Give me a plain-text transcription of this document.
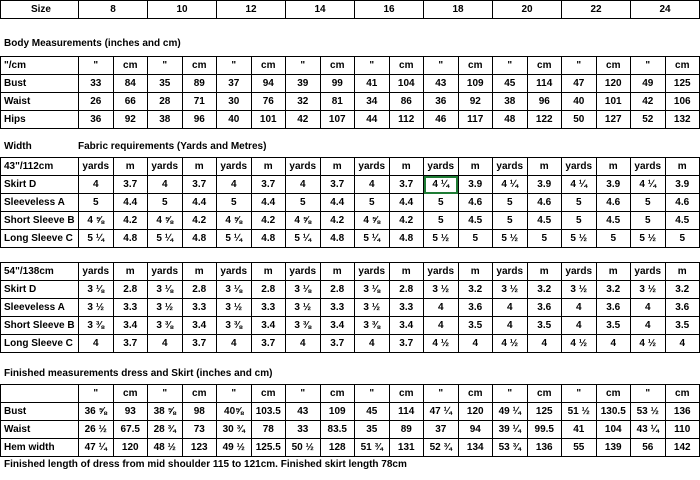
Size	8	10	12	14	16	18	20	22	24
Body Measurements (inches and cm)
"/cm	"	cm	"	cm	"	cm	"	cm	"	cm	"	cm	"	cm	"	cm	"	cm
Bust	33	84	35	89	37	94	39	99	41	104	43	109	45	114	47	120	49	125
Waist	26	66	28	71	30	76	32	81	34	86	36	92	38	96	40	101	42	106
Hips	36	92	38	96	40	101	42	107	44	112	46	117	48	122	50	127	52	132
Width	Fabric requirements (Yards and Metres)
43"/112cm	yards	m	yards	m	yards	m	yards	m	yards	m	yards	m	yards	m	yards	m	yards	m
Skirt D	4	3.7	4	3.7	4	3.7	4	3.7	4	3.7	4 ¼	3.9	4 ¼	3.9	4 ¼	3.9	4 ¼	3.9
Sleeveless A	5	4.4	5	4.4	5	4.4	5	4.4	5	4.4	5	4.6	5	4.6	5	4.6	5	4.6
Short Sleeve B	4 ⅝	4.2	4 ⅝	4.2	4 ⅝	4.2	4 ⅝	4.2	4 ⅝	4.2	5	4.5	5	4.5	5	4.5	5	4.5
Long Sleeve C	5 ¼	4.8	5 ¼	4.8	5 ¼	4.8	5 ¼	4.8	5 ¼	4.8	5 ½	5	5 ½	5	5 ½	5	5 ½	5
54"/138cm	yards	m	yards	m	yards	m	yards	m	yards	m	yards	m	yards	m	yards	m	yards	m
Skirt D	3 ⅛	2.8	3 ⅛	2.8	3 ⅛	2.8	3 ⅛	2.8	3 ⅛	2.8	3 ½	3.2	3 ½	3.2	3 ½	3.2	3 ½	3.2
Sleeveless A	3 ½	3.3	3 ½	3.3	3 ½	3.3	3 ½	3.3	3 ½	3.3	4	3.6	4	3.6	4	3.6	4	3.6
Short Sleeve B	3 ⅜	3.4	3 ⅜	3.4	3 ⅜	3.4	3 ⅜	3.4	3 ⅜	3.4	4	3.5	4	3.5	4	3.5	4	3.5
Long Sleeve C	4	3.7	4	3.7	4	3.7	4	3.7	4	3.7	4 ½	4	4 ½	4	4 ½	4	4 ½	4
Finished measurements dress and Skirt (inches and cm)
	"	cm	"	cm	"	cm	"	cm	"	cm	"	cm	"	cm	"	cm	"	cm
Bust	36 ⅝	93	38 ⅝	98	40⅝	103.5	43	109	45	114	47 ¼	120	49 ¼	125	51 ½	130.5	53 ½	136
Waist	26 ½	67.5	28 ¾	73	30 ¾	78	33	83.5	35	89	37	94	39 ¼	99.5	41	104	43 ¼	110
Hem width	47 ¼	120	48 ½	123	49 ½	125.5	50 ½	128	51 ¾	131	52 ¾	134	53 ¾	136	55	139	56	142
Finished length of dress from mid shoulder 115 to 121cm. Finished skirt length 78cm
